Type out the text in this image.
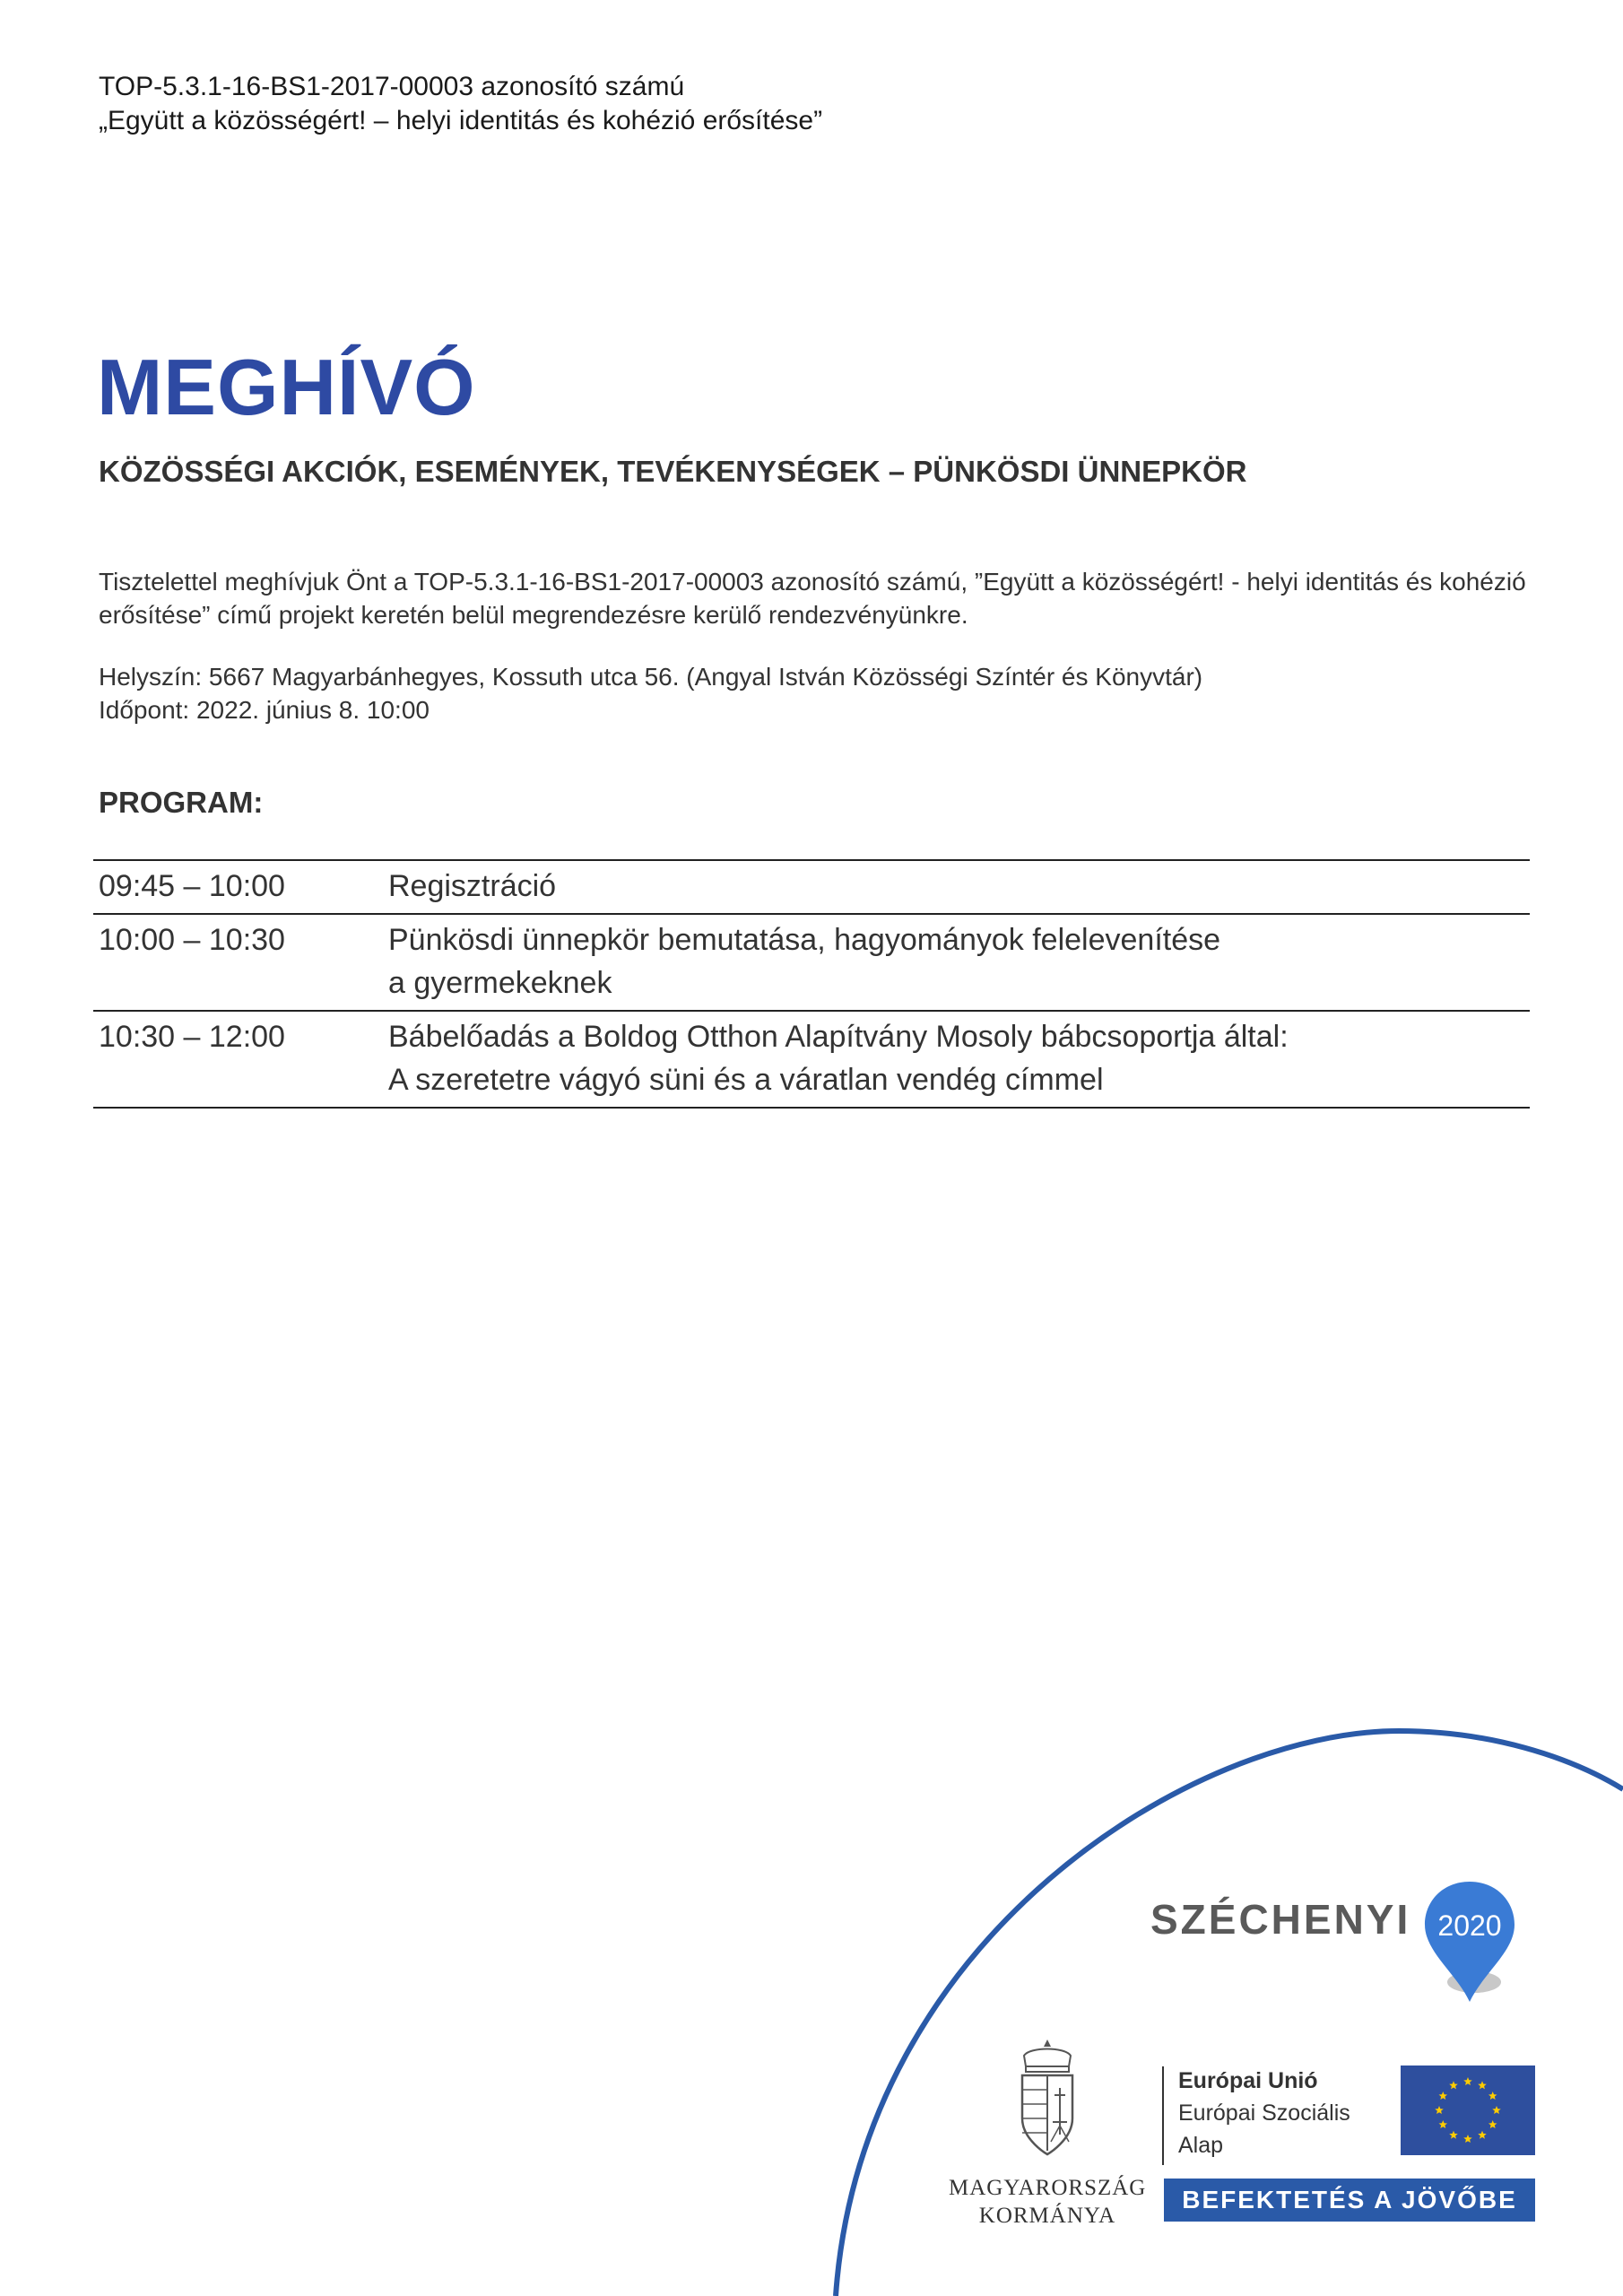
TOP-5.3.1-16-BS1-2017-00003 azonosító számú
„Együtt a közösségért! – helyi identitás és kohézió erősítése”
MEGHÍVÓ
KÖZÖSSÉGI AKCIÓK, ESEMÉNYEK, TEVÉKENYSÉGEK – PÜNKÖSDI ÜNNEPKÖR
Tisztelettel meghívjuk Önt a TOP-5.3.1-16-BS1-2017-00003 azonosító számú, ”Együtt a közösségért! - helyi identitás és kohézió erősítése” című projekt keretén belül megrendezésre kerülő rendezvényünkre.
Helyszín: 5667 Magyarbánhegyes, Kossuth utca 56. (Angyal István Közösségi Színtér és Könyvtár)
Időpont: 2022. június 8. 10:00
PROGRAM:
09:45 – 10:00	Regisztráció
10:00 – 10:30	Pünkösdi ünnepkör bemutatása, hagyományok felelevenítése
a gyermekeknek
10:30 – 12:00	Bábelőadás a Boldog Otthon Alapítvány Mosoly bábcsoportja által:
A szeretetre vágyó süni és a váratlan vendég címmel
SZÉCHENYI 2020
MAGYARORSZÁG
KORMÁNYA
Európai Unió
Európai Szociális
Alap
BEFEKTETÉS A JÖVŐBE
